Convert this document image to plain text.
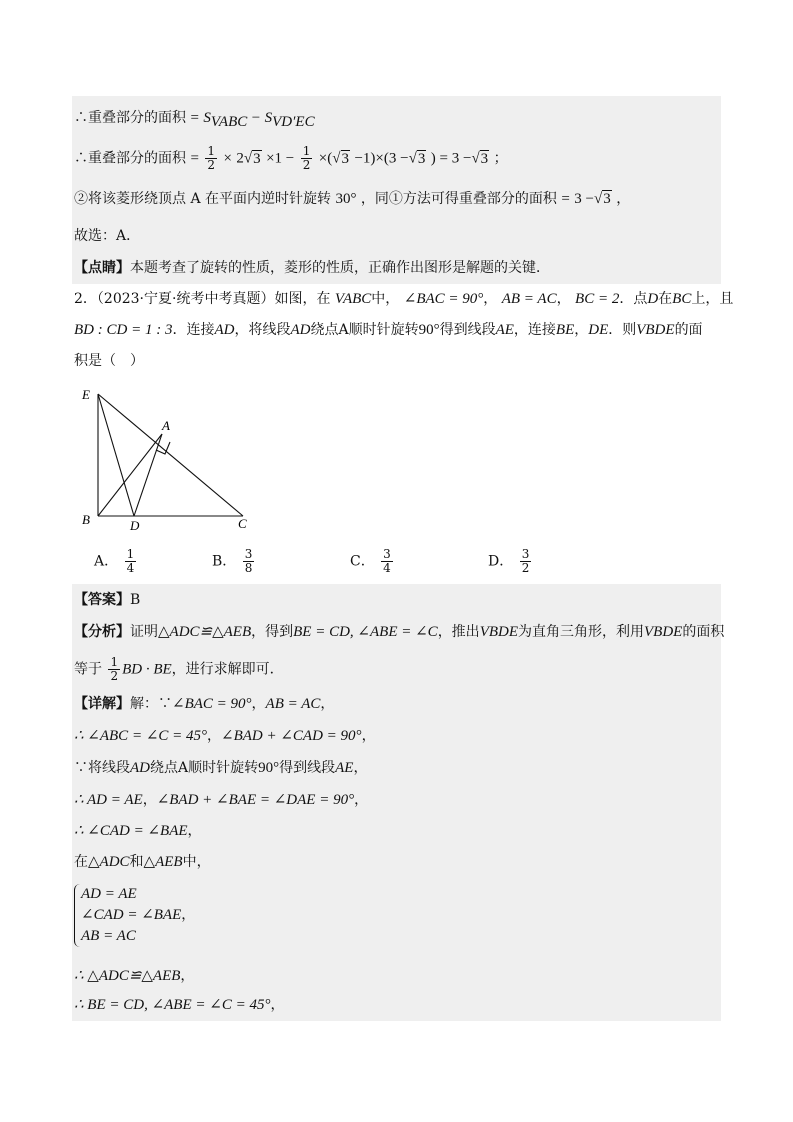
∴重叠部分的面积 = $S_{VABC} - S_{VD'EC}$
∴重叠部分的面积 = $\frac{1}{2} \times 2√3 \times 1 - \frac{1}{2} \times(√3 -1)\times(3 -√3$ ) = 3 −√3 ；
②将该菱形绕顶点 A 在平面内逆时针旋转 30° ，同①方法可得重叠部分的面积 = 3 −√3 ，
故选：A．
【点睛】本题考查了旋转的性质，菱形的性质，正确作出图形是解题的关键．
2．（2023·宁夏·统考中考真题）如图，在 VABC中， ∠BAC = 90°， AB = AC， BC = 2．点D在BC上，且
BD : CD = 1 : 3．连接AD，将线段AD绕点A顺时针旋转90°得到线段AE，连接BE，DE．则VBDE的面
积是（　）
E
A
B	D	C
A． $\frac{1}{4}$	B． $\frac{3}{8}$	C． $\frac{3}{4}$	D． $\frac{3}{2}$
【答案】B
【分析】证明△ADC≌△AEB，得到BE = CD, ∠ABE = ∠C，推出VBDE为直角三角形，利用VBDE的面积
等于 $\frac{1}{2}$ BD · BE，进行求解即可．
【详解】解：∵∠BAC = 90°，AB = AC，
∴ ∠ABC = ∠C = 45°，∠BAD + ∠CAD = 90°，
∵将线段AD绕点A顺时针旋转90°得到线段AE，
∴ AD = AE，∠BAD + ∠BAE = ∠DAE = 90°，
∴ ∠CAD = ∠BAE，
在△ADC和△AEB中，
AD = AE
∠CAD = ∠BAE，
AB = AC
∴ △ADC≌△AEB，
∴ BE = CD, ∠ABE = ∠C = 45°，
